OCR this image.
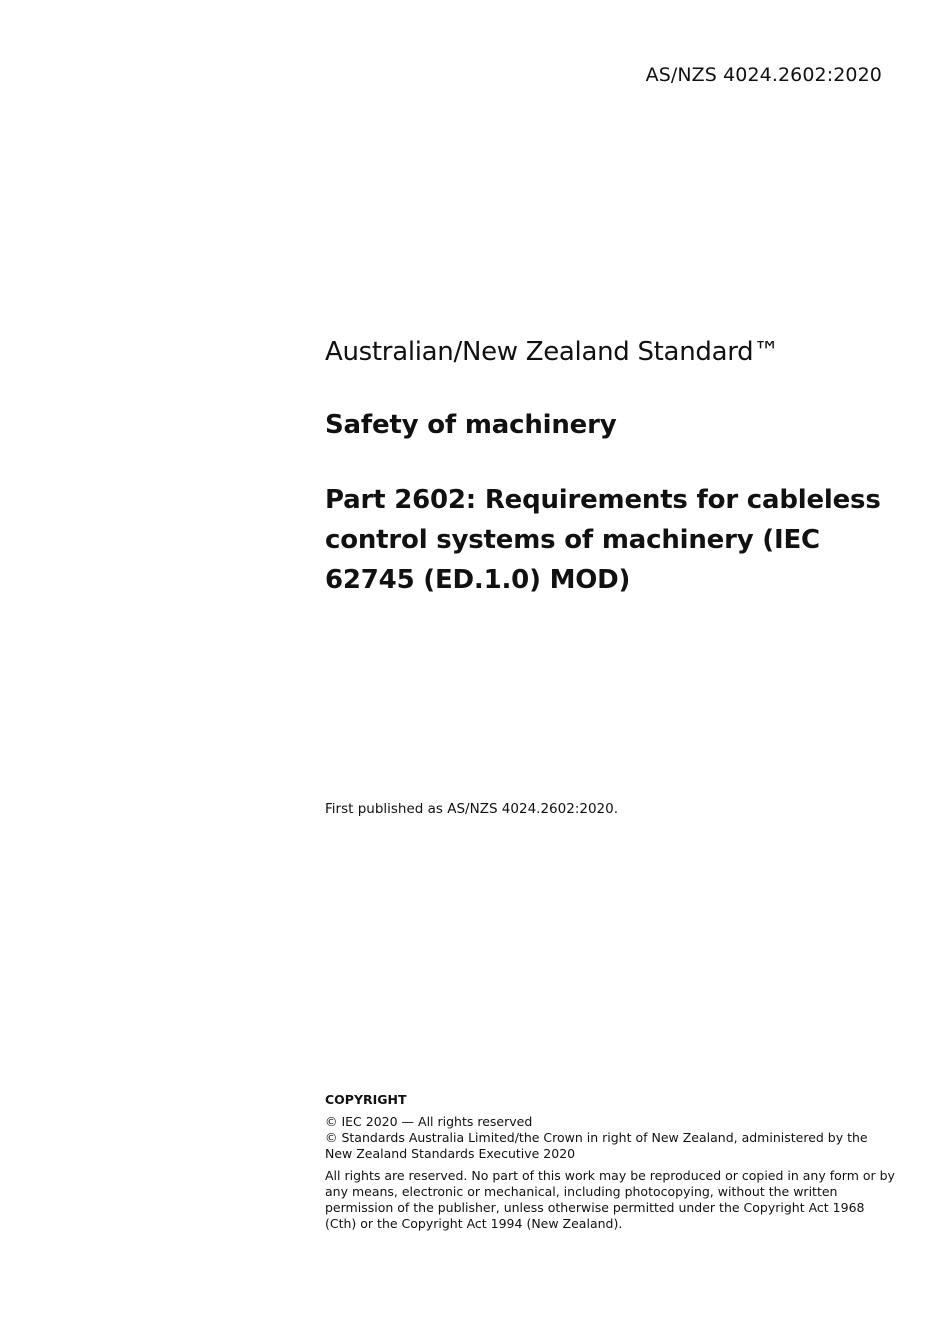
AS/NZS 4024.2602:2020
Australian/New Zealand Standard™
Safety of machinery
Part 2602: Requirements for cableless control systems of machinery (IEC 62745 (ED.1.0) MOD)
First published as AS/NZS 4024.2602:2020.
COPYRIGHT

© IEC 2020 — All rights reserved
© Standards Australia Limited/the Crown in right of New Zealand, administered by the New Zealand Standards Executive 2020

All rights are reserved. No part of this work may be reproduced or copied in any form or by any means, electronic or mechanical, including photocopying, without the written permission of the publisher, unless otherwise permitted under the Copyright Act 1968 (Cth) or the Copyright Act 1994 (New Zealand).
